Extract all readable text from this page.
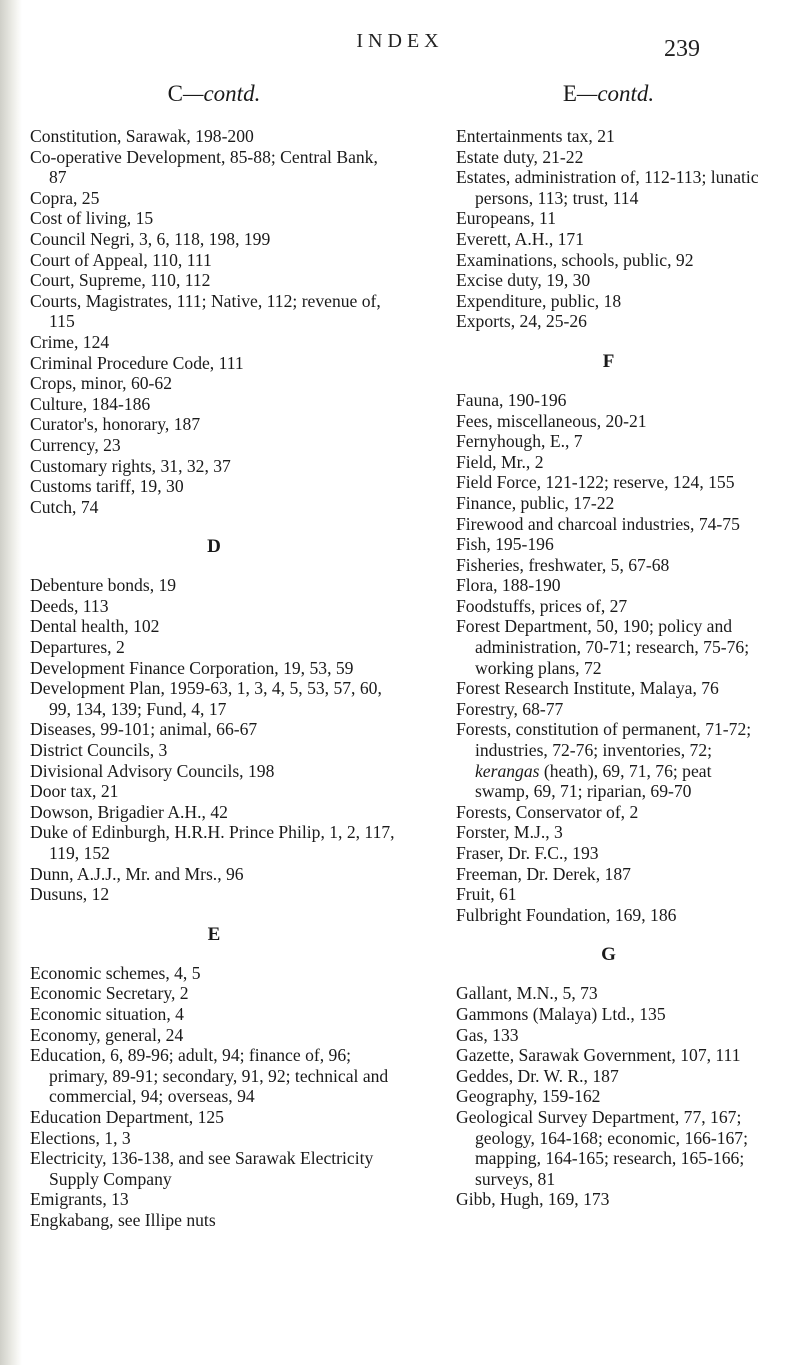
INDEX	239
C—contd.
Constitution, Sarawak, 198-200
Co-operative Development, 85-88; Central Bank, 87
Copra, 25
Cost of living, 15
Council Negri, 3, 6, 118, 198, 199
Court of Appeal, 110, 111
Court, Supreme, 110, 112
Courts, Magistrates, 111; Native, 112; revenue of, 115
Crime, 124
Criminal Procedure Code, 111
Crops, minor, 60-62
Culture, 184-186
Curator's, honorary, 187
Currency, 23
Customary rights, 31, 32, 37
Customs tariff, 19, 30
Cutch, 74
D
Debenture bonds, 19
Deeds, 113
Dental health, 102
Departures, 2
Development Finance Corporation, 19, 53, 59
Development Plan, 1959-63, 1, 3, 4, 5, 53, 57, 60, 99, 134, 139; Fund, 4, 17
Diseases, 99-101; animal, 66-67
District Councils, 3
Divisional Advisory Councils, 198
Door tax, 21
Dowson, Brigadier A.H., 42
Duke of Edinburgh, H.R.H. Prince Philip, 1, 2, 117, 119, 152
Dunn, A.J.J., Mr. and Mrs., 96
Dusuns, 12
E
Economic schemes, 4, 5
Economic Secretary, 2
Economic situation, 4
Economy, general, 24
Education, 6, 89-96; adult, 94; finance of, 96; primary, 89-91; secondary, 91, 92; technical and commercial, 94; overseas, 94
Education Department, 125
Elections, 1, 3
Electricity, 136-138, and see Sarawak Electricity Supply Company
Emigrants, 13
Engkabang, see Illipe nuts
E—contd.
Entertainments tax, 21
Estate duty, 21-22
Estates, administration of, 112-113; lunatic persons, 113; trust, 114
Europeans, 11
Everett, A.H., 171
Examinations, schools, public, 92
Excise duty, 19, 30
Expenditure, public, 18
Exports, 24, 25-26
F
Fauna, 190-196
Fees, miscellaneous, 20-21
Fernyhough, E., 7
Field, Mr., 2
Field Force, 121-122; reserve, 124, 155
Finance, public, 17-22
Firewood and charcoal industries, 74-75
Fish, 195-196
Fisheries, freshwater, 5, 67-68
Flora, 188-190
Foodstuffs, prices of, 27
Forest Department, 50, 190; policy and administration, 70-71; research, 75-76; working plans, 72
Forest Research Institute, Malaya, 76
Forestry, 68-77
Forests, constitution of permanent, 71-72; industries, 72-76; inventories, 72; kerangas (heath), 69, 71, 76; peat swamp, 69, 71; riparian, 69-70
Forests, Conservator of, 2
Forster, M.J., 3
Fraser, Dr. F.C., 193
Freeman, Dr. Derek, 187
Fruit, 61
Fulbright Foundation, 169, 186
G
Gallant, M.N., 5, 73
Gammons (Malaya) Ltd., 135
Gas, 133
Gazette, Sarawak Government, 107, 111
Geddes, Dr. W. R., 187
Geography, 159-162
Geological Survey Department, 77, 167; geology, 164-168; economic, 166-167; mapping, 164-165; research, 165-166; surveys, 81
Gibb, Hugh, 169, 173
